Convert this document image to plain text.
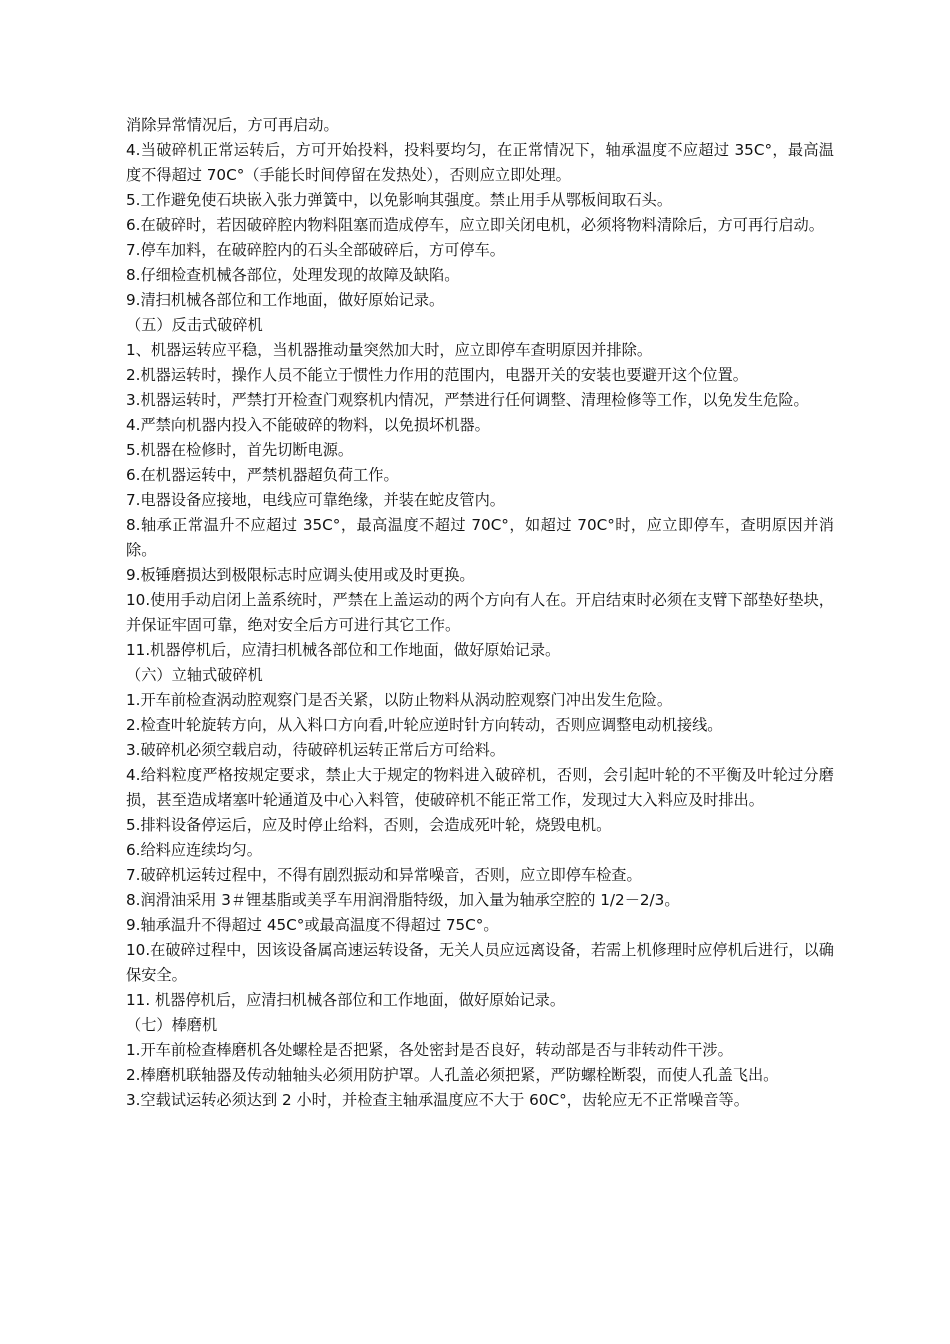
消除异常情况后，方可再启动。

4.当破碎机正常运转后，方可开始投料，投料要均匀，在正常情况下，轴承温度不应超过 35C°，最高温度不得超过 70C°（手能长时间停留在发热处），否则应立即处理。

5.工作避免使石块嵌入张力弹簧中，以免影响其强度。禁止用手从鄂板间取石头。

6.在破碎时，若因破碎腔内物料阻塞而造成停车，应立即关闭电机，必须将物料清除后，方可再行启动。

7.停车加料，在破碎腔内的石头全部破碎后，方可停车。

8.仔细检查机械各部位，处理发现的故障及缺陷。

9.清扫机械各部位和工作地面，做好原始记录。

（五）反击式破碎机

1、机器运转应平稳，当机器推动量突然加大时，应立即停车查明原因并排除。

2.机器运转时，操作人员不能立于惯性力作用的范围内，电器开关的安装也要避开这个位置。

3.机器运转时，严禁打开检查门观察机内情况，严禁进行任何调整、清理检修等工作，以免发生危险。

4.严禁向机器内投入不能破碎的物料，以免损坏机器。

5.机器在检修时，首先切断电源。

6.在机器运转中，严禁机器超负荷工作。

7.电器设备应接地，电线应可靠绝缘，并装在蛇皮管内。

8.轴承正常温升不应超过 35C°，最高温度不超过 70C°，如超过 70C°时，应立即停车，查明原因并消除。

9.板锤磨损达到极限标志时应调头使用或及时更换。

10.使用手动启闭上盖系统时，严禁在上盖运动的两个方向有人在。开启结束时必须在支臂下部垫好垫块，并保证牢固可靠，绝对安全后方可进行其它工作。

11.机器停机后，应清扫机械各部位和工作地面，做好原始记录。

（六）立轴式破碎机

1.开车前检查涡动腔观察门是否关紧，以防止物料从涡动腔观察门冲出发生危险。

2.检查叶轮旋转方向，从入料口方向看,叶轮应逆时针方向转动，否则应调整电动机接线。

3.破碎机必须空载启动，待破碎机运转正常后方可给料。

4.给料粒度严格按规定要求，禁止大于规定的物料进入破碎机，否则，会引起叶轮的不平衡及叶轮过分磨损，甚至造成堵塞叶轮通道及中心入料管，使破碎机不能正常工作，发现过大入料应及时排出。

5.排料设备停运后，应及时停止给料，否则，会造成死叶轮，烧毁电机。

6.给料应连续均匀。

7.破碎机运转过程中，不得有剧烈振动和异常噪音，否则，应立即停车检查。

8.润滑油采用 3＃锂基脂或美孚车用润滑脂特级，加入量为轴承空腔的 1/2－2/3。

9.轴承温升不得超过 45C°或最高温度不得超过 75C°。

10.在破碎过程中，因该设备属高速运转设备，无关人员应远离设备，若需上机修理时应停机后进行，以确保安全。

11. 机器停机后，应清扫机械各部位和工作地面，做好原始记录。

（七）棒磨机

1.开车前检查棒磨机各处螺栓是否把紧，各处密封是否良好，转动部是否与非转动件干涉。

2.棒磨机联轴器及传动轴轴头必须用防护罩。人孔盖必须把紧，严防螺栓断裂，而使人孔盖飞出。

3.空载试运转必须达到 2 小时，并检查主轴承温度应不大于 60C°，齿轮应无不正常噪音等。
